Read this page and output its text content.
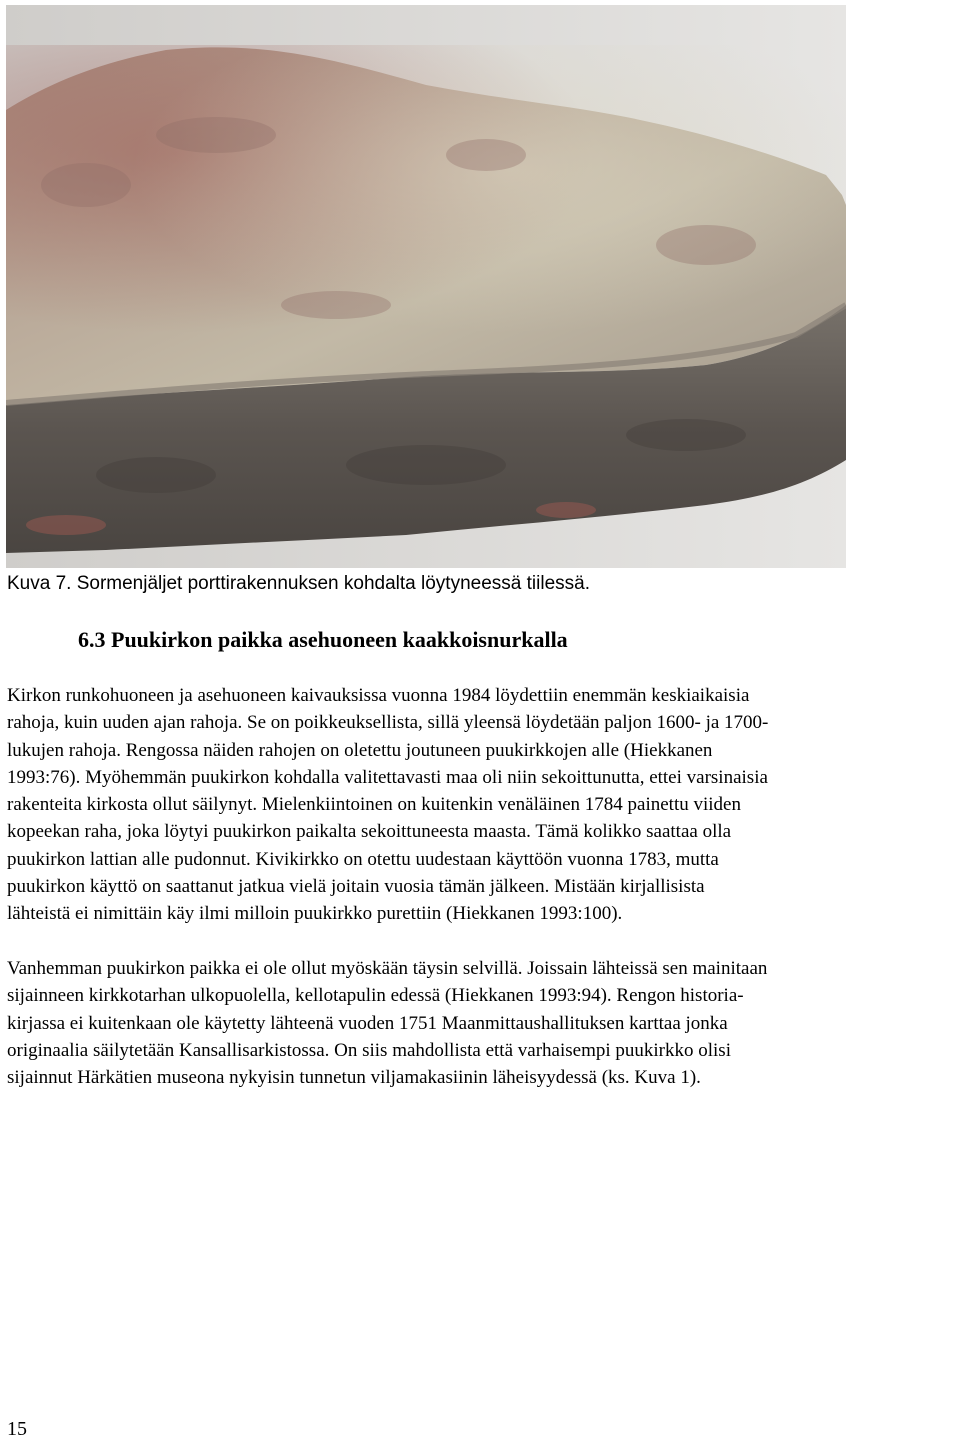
Kuva 7. Sormenjäljet porttirakennuksen kohdalta löytyneessä tiilessä.
6.3 Puukirkon paikka asehuoneen kaakkoisnurkalla
Kirkon runkohuoneen ja asehuoneen kaivauksissa vuonna 1984 löydettiin enemmän keskiaikaisia
rahoja, kuin uuden ajan rahoja. Se on poikkeuksellista, sillä yleensä löydetään paljon 1600- ja 1700-
lukujen rahoja. Rengossa näiden rahojen on oletettu joutuneen puukirkkojen alle (Hiekkanen
1993:76). Myöhemmän puukirkon kohdalla valitettavasti maa oli niin sekoittunutta, ettei varsinaisia
rakenteita kirkosta ollut säilynyt. Mielenkiintoinen on kuitenkin venäläinen 1784 painettu viiden
kopeekan raha, joka löytyi puukirkon paikalta sekoittuneesta maasta. Tämä kolikko saattaa olla
puukirkon lattian alle pudonnut. Kivikirkko on otettu uudestaan käyttöön vuonna 1783, mutta
puukirkon käyttö on saattanut jatkua vielä joitain vuosia tämän jälkeen. Mistään kirjallisista
lähteistä ei nimittäin käy ilmi milloin puukirkko purettiin (Hiekkanen 1993:100).
Vanhemman puukirkon paikka ei ole ollut myöskään täysin selvillä. Joissain lähteissä sen mainitaan
sijainneen kirkkotarhan ulkopuolella, kellotapulin edessä (Hiekkanen 1993:94). Rengon historia-
kirjassa ei kuitenkaan ole käytetty lähteenä vuoden 1751 Maanmittaushallituksen karttaa jonka
originaalia säilytetään Kansallisarkistossa. On siis mahdollista että varhaisempi puukirkko olisi
sijainnut Härkätien museona nykyisin tunnetun viljamakasiinin läheisyydessä (ks. Kuva 1).
15
